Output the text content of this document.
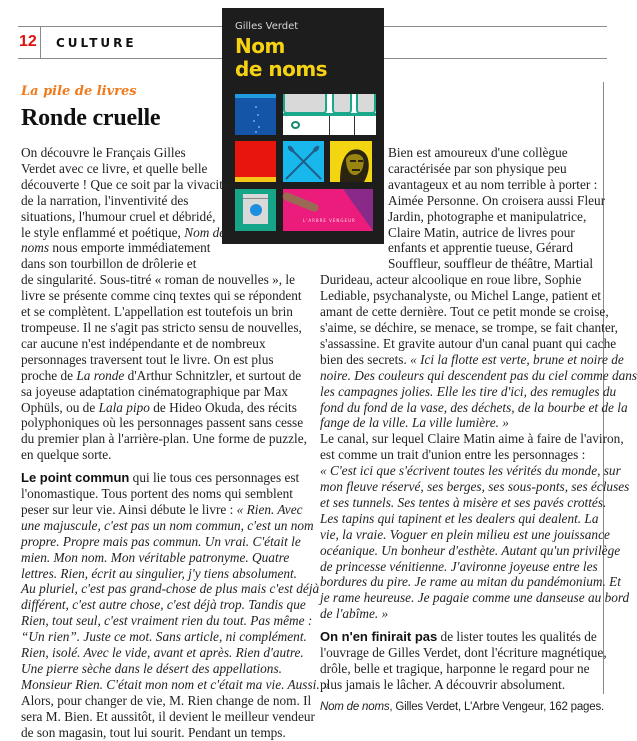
12 CULTURE
La pile de livres
Ronde cruelle
Gilles Verdet
Nom
de noms
L'ARBRE VENGEUR

On découvre le Français Gilles
Verdet avec ce livre, et quelle belle
découverte ! Que ce soit par la vivacité
de la narration, l'inventivité des
situations, l'humour cruel et débridé,
le style enflammé et poétique, Nom de
noms nous emporte immédiatement
dans son tourbillon de drôlerie et
de singularité. Sous-titré « roman de nouvelles », le
livre se présente comme cinq textes qui se répondent
et se complètent. L'appellation est toutefois un brin
trompeuse. Il ne s'agit pas stricto sensu de nouvelles,
car aucune n'est indépendante et de nombreux
personnages traversent tout le livre. On est plus
proche de La ronde d'Arthur Schnitzler, et surtout de
sa joyeuse adaptation cinématographique par Max
Ophüls, ou de Lala pipo de Hideo Okuda, des récits
polyphoniques où les personnages passent sans cesse
du premier plan à l'arrière-plan. Une forme de puzzle,
en quelque sorte.

Le point commun qui lie tous ces personnages est
l'onomastique. Tous portent des noms qui semblent
peser sur leur vie. Ainsi débute le livre : « Rien. Avec
une majuscule, c'est pas un nom commun, c'est un nom
propre. Propre mais pas commun. Un vrai. C'était le
mien. Mon nom. Mon véritable patronyme. Quatre
lettres. Rien, écrit au singulier, j'y tiens absolument.
Au pluriel, c'est pas grand-chose de plus mais c'est déjà
différent, c'est autre chose, c'est déjà trop. Tandis que
Rien, tout seul, c'est vraiment rien du tout. Pas même :
“Un rien”. Juste ce mot. Sans article, ni complément.
Rien, isolé. Avec le vide, avant et après. Rien d'autre.
Une pierre sèche dans le désert des appellations.
Monsieur Rien. C'était mon nom et c'était ma vie. Aussi. »
Alors, pour changer de vie, M. Rien change de nom. Il
sera M. Bien. Et aussitôt, il devient le meilleur vendeur
de son magasin, tout lui sourit. Pendant un temps.

Bien est amoureux d'une collègue
caractérisée par son physique peu
avantageux et au nom terrible à porter :
Aimée Personne. On croisera aussi Fleur
Jardin, photographe et manipulatrice,
Claire Matin, autrice de livres pour
enfants et apprentie tueuse, Gérard
Souffleur, souffleur de théâtre, Martial
Durideau, acteur alcoolique en roue libre, Sophie
Lediable, psychanalyste, ou Michel Lange, patient et
amant de cette dernière. Tout ce petit monde se croise,
s'aime, se déchire, se menace, se trompe, se fait chanter,
s'assassine. Et gravite autour d'un canal puant qui cache
bien des secrets. « Ici la flotte est verte, brune et noire de
noire. Des couleurs qui descendent pas du ciel comme dans
les campagnes jolies. Elle les tire d'ici, des remugles du
fond du fond de la vase, des déchets, de la bourbe et de la
fange de la ville. La ville lumière. »
Le canal, sur lequel Claire Matin aime à faire de l'aviron,
est comme un trait d'union entre les personnages :
« C'est ici que s'écrivent toutes les vérités du monde, sur
mon fleuve réservé, ses berges, ses sous-ponts, ses écluses
et ses tunnels. Ses tentes à misère et ses pavés crottés.
Les tapins qui tapinent et les dealers qui dealent. La
vie, la vraie. Voguer en plein milieu est une jouissance
océanique. Un bonheur d'esthète. Autant qu'un privilège
de princesse vénitienne. J'avironne joyeuse entre les
bordures du pire. Je rame au mitan du pandémonium. Et
je rame heureuse. Je pagaie comme une danseuse au bord
de l'abîme. »

On n'en finirait pas de lister toutes les qualités de
l'ouvrage de Gilles Verdet, dont l'écriture magnétique,
drôle, belle et tragique, harponne le regard pour ne
plus jamais le lâcher. A découvrir absolument.

Nom de noms, Gilles Verdet, L'Arbre Vengeur, 162 pages.
